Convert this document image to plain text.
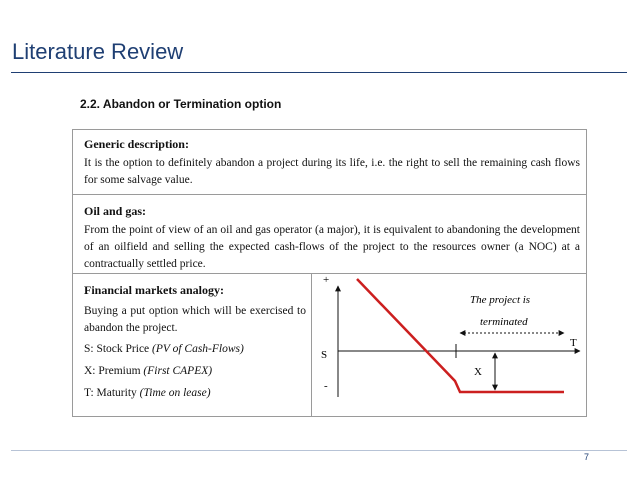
Literature Review
2.2. Abandon or Termination option
Generic description:
It is the option to definitely abandon a project during its life, i.e. the right to sell the remaining cash flows for some salvage value.
Oil and gas:
From the point of view of an oil and gas operator (a major), it is equivalent to abandoning the development of an oilfield and selling the expected cash-flows of the project to the resources owner (a NOC) at a contractually settled price.
Financial markets analogy:
Buying a put option which will be exercised to abandon the project.
S: Stock Price (PV of Cash-Flows)
X: Premium (First CAPEX)
T: Maturity (Time on lease)
+
S
-
T
The project is
terminated
X
7
